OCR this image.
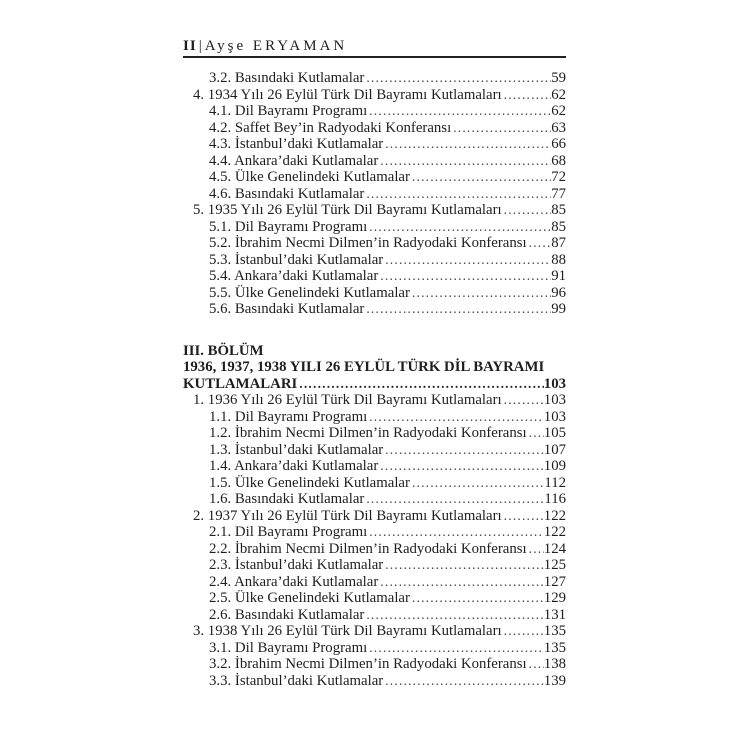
II | Ayşe ERYAMAN
3.2. Basındaki Kutlamalar .....	59
4. 1934 Yılı 26 Eylül Türk Dil Bayramı Kutlamaları .....	62
4.1. Dil Bayramı Programı .....	62
4.2. Saffet Bey’in Radyodaki Konferansı .....	63
4.3. İstanbul’daki Kutlamalar .....	66
4.4. Ankara’daki Kutlamalar .....	68
4.5. Ülke Genelindeki Kutlamalar .....	72
4.6. Basındaki Kutlamalar .....	77
5. 1935 Yılı 26 Eylül Türk Dil Bayramı Kutlamaları .....	85
5.1. Dil Bayramı Programı .....	85
5.2. İbrahim Necmi Dilmen’in Radyodaki Konferansı ..... 87
5.3. İstanbul’daki Kutlamalar .....	88
5.4. Ankara’daki Kutlamalar .....	91
5.5. Ülke Genelindeki Kutlamalar .....	96
5.6. Basındaki Kutlamalar .....	99
III. BÖLÜM
1936, 1937, 1938 YILI 26 EYLÜL TÜRK DİL BAYRAMI
KUTLAMALARI .....	103
1. 1936 Yılı 26 Eylül Türk Dil Bayramı Kutlamaları .....	103
1.1. Dil Bayramı Programı .....	103
1.2. İbrahim Necmi Dilmen’in Radyodaki Konferansı ..... 105
1.3. İstanbul’daki Kutlamalar .....	107
1.4. Ankara’daki Kutlamalar .....	109
1.5. Ülke Genelindeki Kutlamalar .....	112
1.6. Basındaki Kutlamalar .....	116
2. 1937 Yılı 26 Eylül Türk Dil Bayramı Kutlamaları .....	122
2.1. Dil Bayramı Programı .....	122
2.2. İbrahim Necmi Dilmen’in Radyodaki Konferansı ..... 124
2.3. İstanbul’daki Kutlamalar .....	125
2.4. Ankara’daki Kutlamalar .....	127
2.5. Ülke Genelindeki Kutlamalar .....	129
2.6. Basındaki Kutlamalar .....	131
3. 1938 Yılı 26 Eylül Türk Dil Bayramı Kutlamaları .....	135
3.1. Dil Bayramı Programı .....	135
3.2. İbrahim Necmi Dilmen’in Radyodaki Konferansı ..... 138
3.3. İstanbul’daki Kutlamalar .....	139
